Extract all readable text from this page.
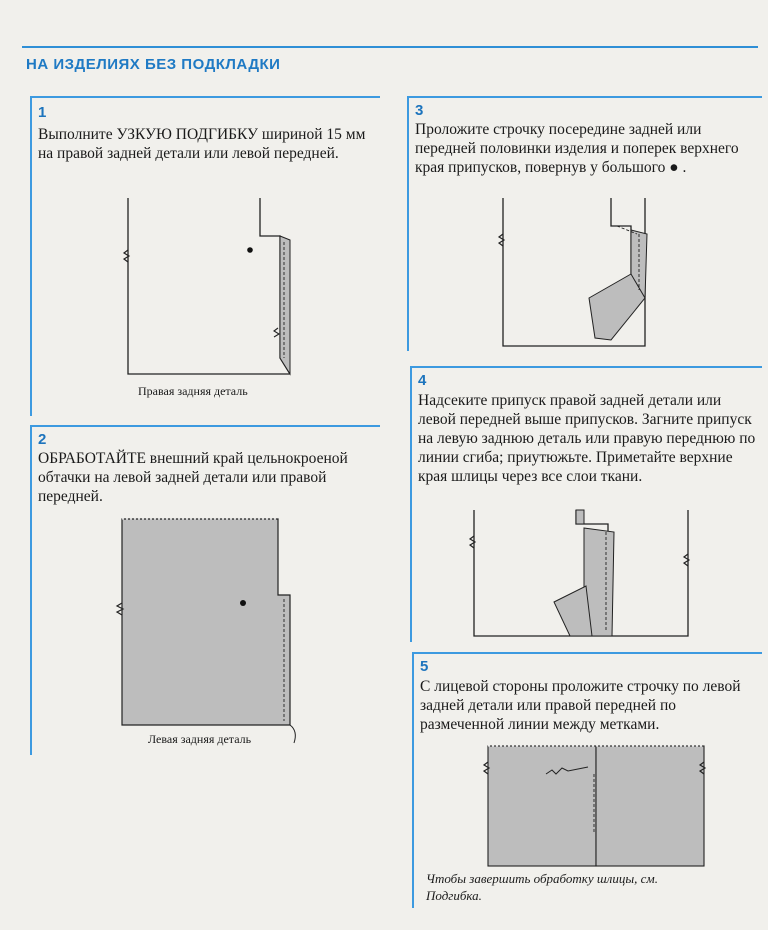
НА ИЗДЕЛИЯХ БЕЗ ПОДКЛАДКИ
1
Выполните УЗКУЮ ПОДГИБКУ шириной 15 мм на правой задней детали или левой передней.
Правая задняя деталь
2
ОБРАБОТАЙТЕ внешний край цельнокроеной обтачки на левой задней детали или правой передней.
Левая задняя деталь
3
Проложите строчку посередине задней или передней половинки изделия и поперек верхнего края припусков, повернув у большого ● .
4
Надсеките припуск правой задней детали или левой передней выше припусков. Загните припуск на левую заднюю деталь или правую переднюю по линии сгиба; приутюжьте. Приметайте верхние края шлицы через все слои ткани.
5
С лицевой стороны проложите строчку по левой задней детали или правой передней по размеченной линии между метками.
Чтобы завершить обработку шлицы, см. Подгибка.
